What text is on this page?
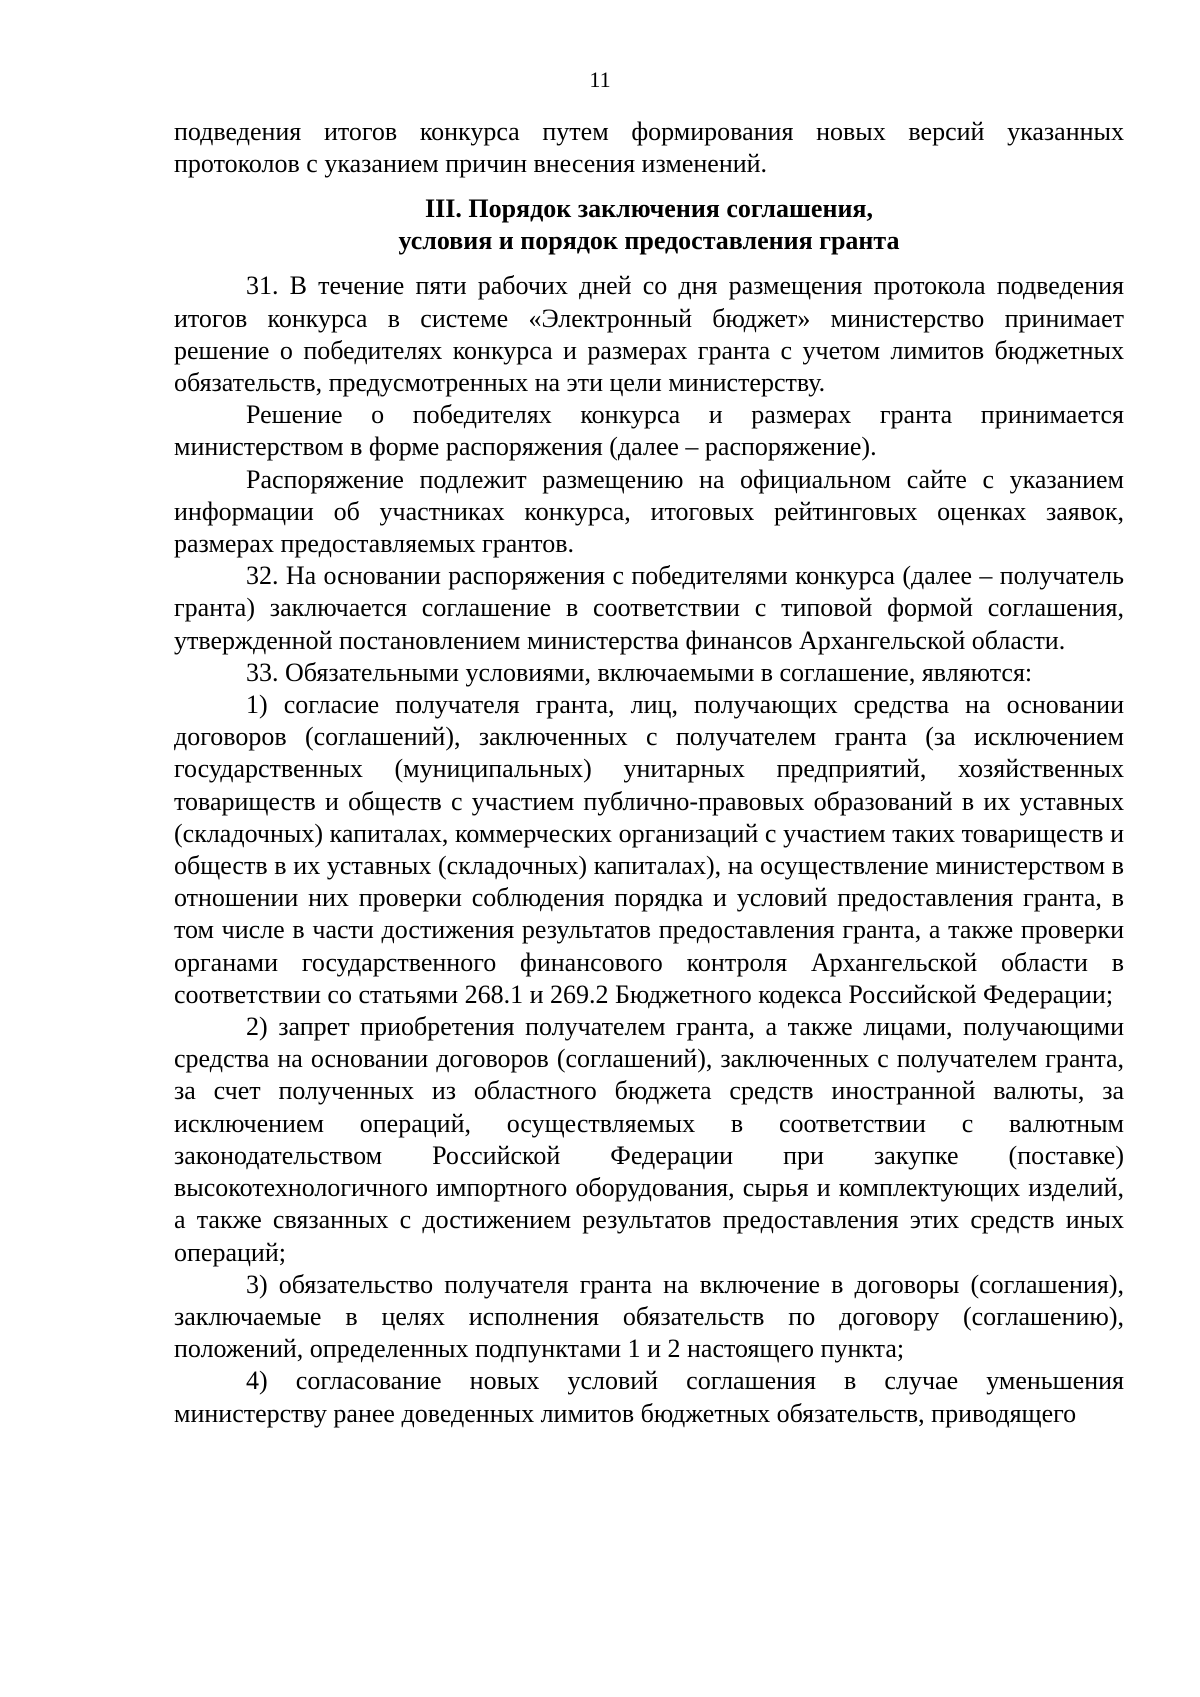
11

подведения итогов конкурса путем формирования новых версий указанных протоколов с указанием причин внесения изменений.

III. Порядок заключения соглашения,
условия и порядок предоставления гранта

31. В течение пяти рабочих дней со дня размещения протокола подведения итогов конкурса в системе «Электронный бюджет» министерство принимает решение о победителях конкурса и размерах гранта с учетом лимитов бюджетных обязательств, предусмотренных на эти цели министерству.

Решение о победителях конкурса и размерах гранта принимается министерством в форме распоряжения (далее – распоряжение).

Распоряжение подлежит размещению на официальном сайте с указанием информации об участниках конкурса, итоговых рейтинговых оценках заявок, размерах предоставляемых грантов.

32. На основании распоряжения с победителями конкурса (далее – получатель гранта) заключается соглашение в соответствии с типовой формой соглашения, утвержденной постановлением министерства финансов Архангельской области.

33. Обязательными условиями, включаемыми в соглашение, являются:

1) согласие получателя гранта, лиц, получающих средства на основании договоров (соглашений), заключенных с получателем гранта (за исключением государственных (муниципальных) унитарных предприятий, хозяйственных товариществ и обществ с участием публично-правовых образований в их уставных (складочных) капиталах, коммерческих организаций с участием таких товариществ и обществ в их уставных (складочных) капиталах), на осуществление министерством в отношении них проверки соблюдения порядка и условий предоставления гранта, в том числе в части достижения результатов предоставления гранта, а также проверки органами государственного финансового контроля Архангельской области в соответствии со статьями 268.1 и 269.2 Бюджетного кодекса Российской Федерации;

2) запрет приобретения получателем гранта, а также лицами, получающими средства на основании договоров (соглашений), заключенных с получателем гранта, за счет полученных из областного бюджета средств иностранной валюты, за исключением операций, осуществляемых в соответствии с валютным законодательством Российской Федерации при закупке (поставке) высокотехнологичного импортного оборудования, сырья и комплектующих изделий, а также связанных с достижением результатов предоставления этих средств иных операций;

3) обязательство получателя гранта на включение в договоры (соглашения), заключаемые в целях исполнения обязательств по договору (соглашению), положений, определенных подпунктами 1 и 2 настоящего пункта;

4) согласование новых условий соглашения в случае уменьшения министерству ранее доведенных лимитов бюджетных обязательств, приводящего
